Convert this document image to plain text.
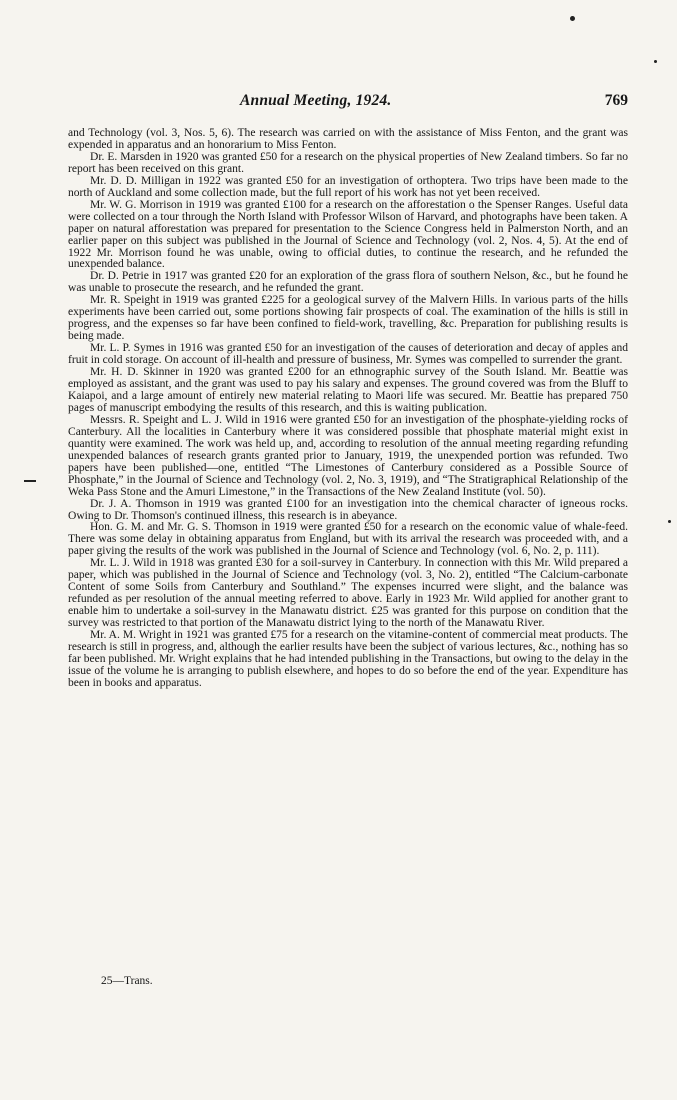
Annual Meeting, 1924.	769

and Technology (vol. 3, Nos. 5, 6). The research was carried on with the assistance of Miss Fenton, and the grant was expended in apparatus and an honorarium to Miss Fenton.

Dr. E. Marsden in 1920 was granted £50 for a research on the physical properties of New Zealand timbers. So far no report has been received on this grant.

Mr. D. D. Milligan in 1922 was granted £50 for an investigation of orthoptera. Two trips have been made to the north of Auckland and some collection made, but the full report of his work has not yet been received.

Mr. W. G. Morrison in 1919 was granted £100 for a research on the afforestation o the Spenser Ranges. Useful data were collected on a tour through the North Island with Professor Wilson of Harvard, and photographs have been taken. A paper on natural afforestation was prepared for presentation to the Science Congress held in Palmerston North, and an earlier paper on this subject was published in the Journal of Science and Technology (vol. 2, Nos. 4, 5). At the end of 1922 Mr. Morrison found he was unable, owing to official duties, to continue the research, and he refunded the unexpended balance.

Dr. D. Petrie in 1917 was granted £20 for an exploration of the grass flora of southern Nelson, &c., but he found he was unable to prosecute the research, and he refunded the grant.

Mr. R. Speight in 1919 was granted £225 for a geological survey of the Malvern Hills. In various parts of the hills experiments have been carried out, some portions showing fair prospects of coal. The examination of the hills is still in progress, and the expenses so far have been confined to field-work, travelling, &c. Preparation for publishing results is being made.

Mr. L. P. Symes in 1916 was granted £50 for an investigation of the causes of deterioration and decay of apples and fruit in cold storage. On account of ill-health and pressure of business, Mr. Symes was compelled to surrender the grant.

Mr. H. D. Skinner in 1920 was granted £200 for an ethnographic survey of the South Island. Mr. Beattie was employed as assistant, and the grant was used to pay his salary and expenses. The ground covered was from the Bluff to Kaiapoi, and a large amount of entirely new material relating to Maori life was secured. Mr. Beattie has prepared 750 pages of manuscript embodying the results of this research, and this is waiting publication.

Messrs. R. Speight and L. J. Wild in 1916 were granted £50 for an investigation of the phosphate-yielding rocks of Canterbury. All the localities in Canterbury where it was considered possible that phosphate material might exist in quantity were examined. The work was held up, and, according to resolution of the annual meeting regarding refunding unexpended balances of research grants granted prior to January, 1919, the unexpended portion was refunded. Two papers have been published—one, entitled “The Limestones of Canterbury considered as a Possible Source of Phosphate,” in the Journal of Science and Technology (vol. 2, No. 3, 1919), and “The Stratigraphical Relationship of the Weka Pass Stone and the Amuri Limestone,” in the Transactions of the New Zealand Institute (vol. 50).

Dr. J. A. Thomson in 1919 was granted £100 for an investigation into the chemical character of igneous rocks. Owing to Dr. Thomson's continued illness, this research is in abeyance.

Hon. G. M. and Mr. G. S. Thomson in 1919 were granted £50 for a research on the economic value of whale-feed. There was some delay in obtaining apparatus from England, but with its arrival the research was proceeded with, and a paper giving the results of the work was published in the Journal of Science and Technology (vol. 6, No. 2, p. 111).

Mr. L. J. Wild in 1918 was granted £30 for a soil-survey in Canterbury. In connection with this Mr. Wild prepared a paper, which was published in the Journal of Science and Technology (vol. 3, No. 2), entitled “The Calcium-carbonate Content of some Soils from Canterbury and Southland.” The expenses incurred were slight, and the balance was refunded as per resolution of the annual meeting referred to above. Early in 1923 Mr. Wild applied for another grant to enable him to undertake a soil-survey in the Manawatu district. £25 was granted for this purpose on condition that the survey was restricted to that portion of the Manawatu district lying to the north of the Manawatu River.

Mr. A. M. Wright in 1921 was granted £75 for a research on the vitamine-content of commercial meat products. The research is still in progress, and, although the earlier results have been the subject of various lectures, &c., nothing has so far been published. Mr. Wright explains that he had intended publishing in the Transactions, but owing to the delay in the issue of the volume he is arranging to publish elsewhere, and hopes to do so before the end of the year. Expenditure has been in books and apparatus.

25—Trans.
